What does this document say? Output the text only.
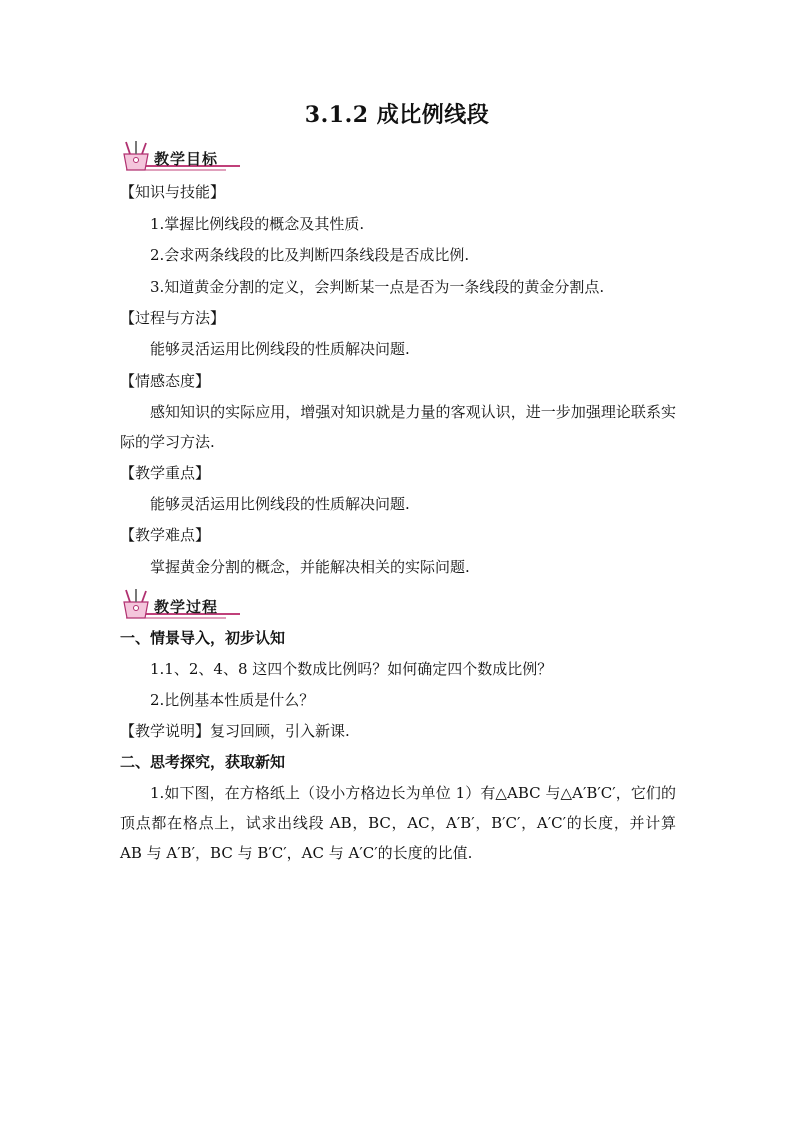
3.1.2 成比例线段
教学目标
【知识与技能】
1.掌握比例线段的概念及其性质.
2.会求两条线段的比及判断四条线段是否成比例.
3.知道黄金分割的定义，会判断某一点是否为一条线段的黄金分割点.
【过程与方法】
能够灵活运用比例线段的性质解决问题.
【情感态度】
感知知识的实际应用，增强对知识就是力量的客观认识，进一步加强理论联系实际的学习方法.
【教学重点】
能够灵活运用比例线段的性质解决问题.
【教学难点】
掌握黄金分割的概念，并能解决相关的实际问题.
教学过程
一、情景导入，初步认知
1.1、2、4、8 这四个数成比例吗？如何确定四个数成比例？
2.比例基本性质是什么？
【教学说明】复习回顾，引入新课.
二、思考探究，获取新知
1.如下图，在方格纸上（设小方格边长为单位 1）有△ABC 与△A′B′C′，它们的顶点都在格点上，试求出线段 AB，BC，AC，A′B′，B′C′，A′C′的长度，并计算 AB 与 A′B′，BC 与 B′C′，AC 与 A′C′的长度的比值.
